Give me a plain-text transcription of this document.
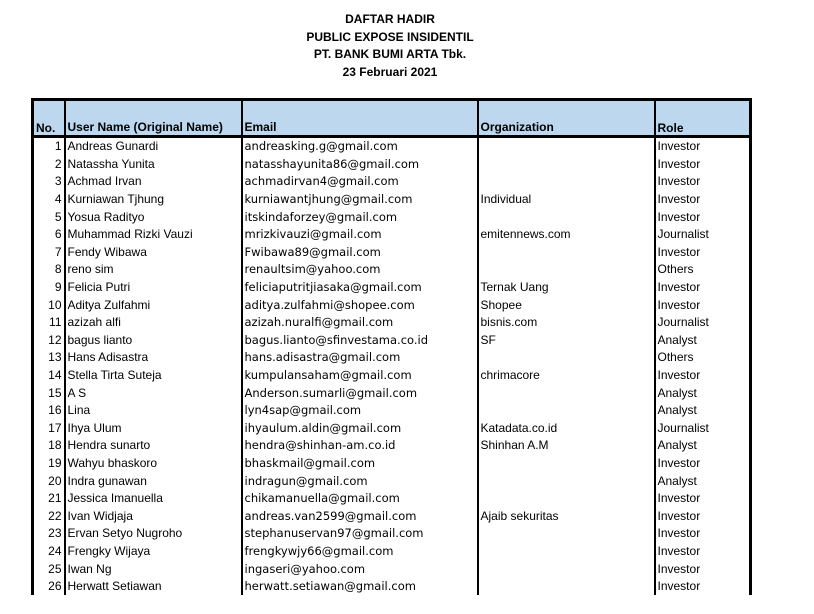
DAFTAR HADIR
PUBLIC EXPOSE INSIDENTIL
PT. BANK BUMI ARTA Tbk.
23 Februari 2021
No.	User Name (Original Name)	Email	Organization	Role
1	Andreas Gunardi	andreasking.g@gmail.com		Investor
2	Natassha Yunita	natasshayunita86@gmail.com		Investor
3	Achmad Irvan	achmadirvan4@gmail.com		Investor
4	Kurniawan Tjhung	kurniawantjhung@gmail.com	Individual	Investor
5	Yosua Radityo	itskindaforzey@gmail.com		Investor
6	Muhammad Rizki Vauzi	mrizkivauzi@gmail.com	emitennews.com	Journalist
7	Fendy Wibawa	Fwibawa89@gmail.com		Investor
8	reno sim	renaultsim@yahoo.com		Others
9	Felicia Putri	feliciaputritjiasaka@gmail.com	Ternak Uang	Investor
10	Aditya Zulfahmi	aditya.zulfahmi@shopee.com	Shopee	Investor
11	azizah alfi	azizah.nuralfi@gmail.com	bisnis.com	Journalist
12	bagus lianto	bagus.lianto@sfinvestama.co.id	SF	Analyst
13	Hans Adisastra	hans.adisastra@gmail.com		Others
14	Stella Tirta Suteja	kumpulansaham@gmail.com	chrimacore	Investor
15	A S	Anderson.sumarli@gmail.com		Analyst
16	Lina	lyn4sap@gmail.com		Analyst
17	Ihya Ulum	ihyaulum.aldin@gmail.com	Katadata.co.id	Journalist
18	Hendra sunarto	hendra@shinhan-am.co.id	Shinhan A.M	Analyst
19	Wahyu bhaskoro	bhaskmail@gmail.com		Investor
20	Indra gunawan	indragun@gmail.com		Analyst
21	Jessica Imanuella	chikamanuella@gmail.com		Investor
22	Ivan Widjaja	andreas.van2599@gmail.com	Ajaib sekuritas	Investor
23	Ervan Setyo Nugroho	stephanuservan97@gmail.com		Investor
24	Frengky Wijaya	frengkywjy66@gmail.com		Investor
25	Iwan Ng	ingaseri@yahoo.com		Investor
26	Herwatt Setiawan	herwatt.setiawan@gmail.com		Investor
